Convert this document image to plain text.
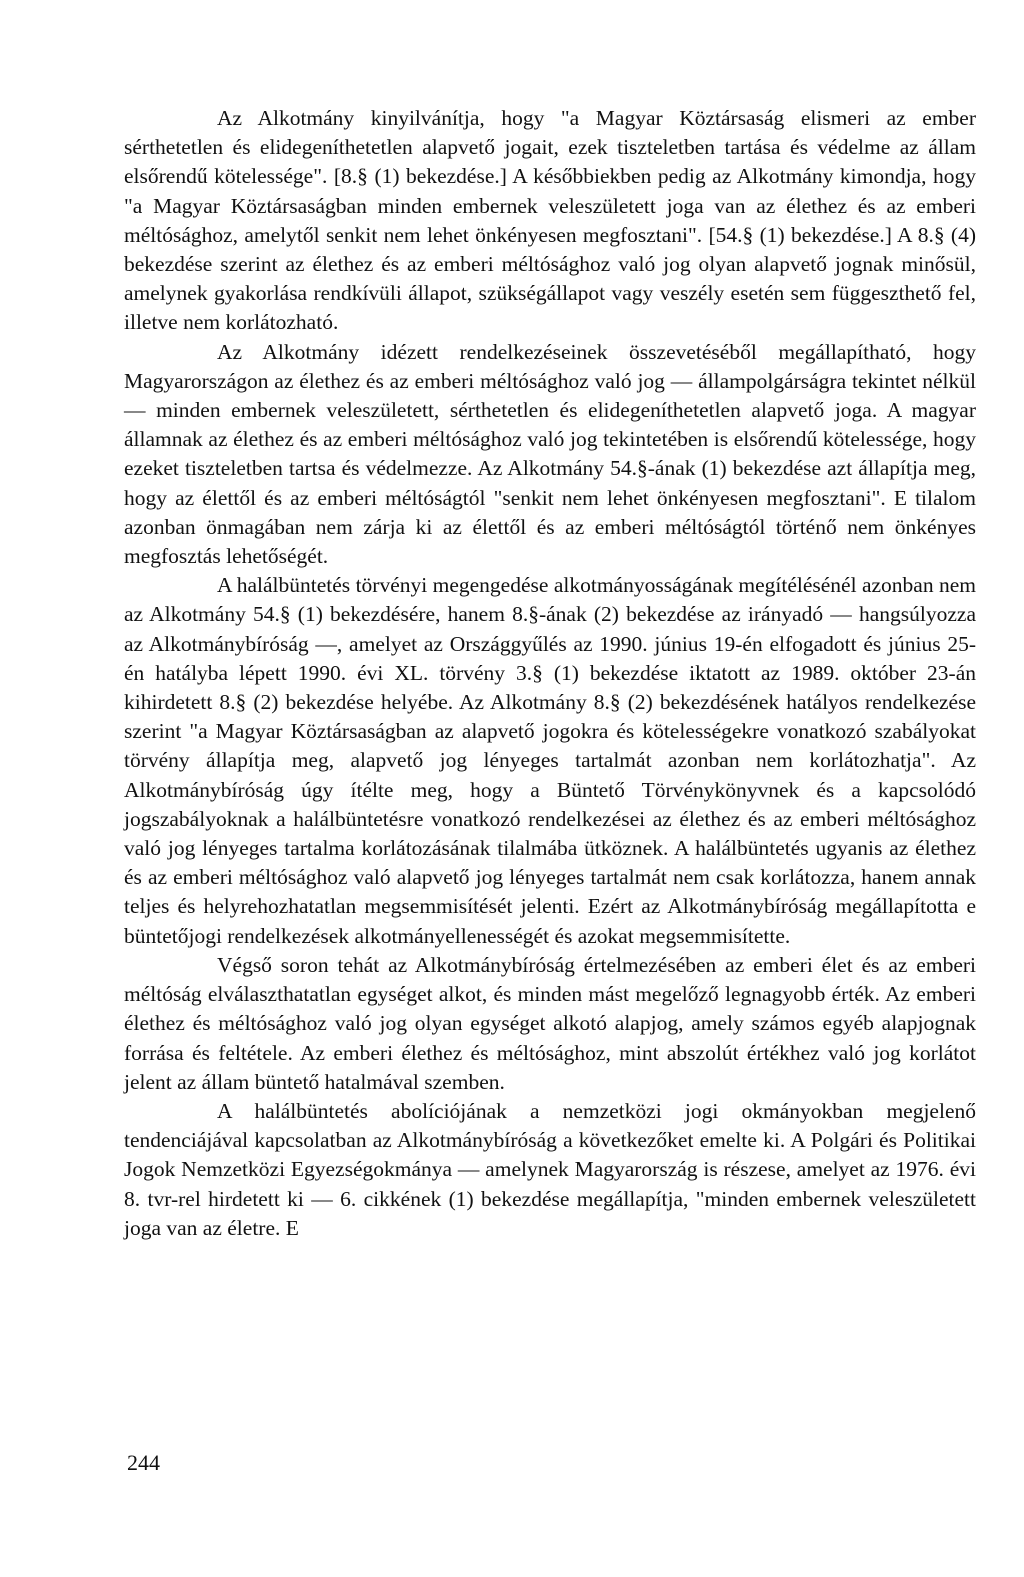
Az Alkotmány kinyilvánítja, hogy "a Magyar Köztársaság elismeri az ember sérthetetlen és elidegeníthetetlen alapvető jogait, ezek tiszteletben tartása és védelme az állam elsőrendű kötelessége". [8.§ (1) bekezdése.] A későbbiekben pedig az Alkotmány kimondja, hogy "a Magyar Köztársaságban minden embernek veleszületett joga van az élethez és az emberi méltósághoz, amelytől senkit nem lehet önkényesen megfosztani". [54.§ (1) bekezdése.] A 8.§ (4) bekezdése szerint az élethez és az emberi méltósághoz való jog olyan alapvető jognak minősül, amelynek gyakorlása rendkívüli állapot, szükségállapot vagy veszély esetén sem függeszthető fel, illetve nem korlátozható.

Az Alkotmány idézett rendelkezéseinek összevetéséből megállapítható, hogy Magyarországon az élethez és az emberi méltósághoz való jog — állampolgárságra tekintet nélkül — minden embernek veleszületett, sérthetetlen és elidegeníthetetlen alapvető joga. A magyar államnak az élethez és az emberi méltósághoz való jog tekintetében is elsőrendű kötelessége, hogy ezeket tiszteletben tartsa és védelmezze. Az Alkotmány 54.§-ának (1) bekezdése azt állapítja meg, hogy az élettől és az emberi méltóságtól "senkit nem lehet önkényesen megfosztani". E tilalom azonban önmagában nem zárja ki az élettől és az emberi méltóságtól történő nem önkényes megfosztás lehetőségét.

A halálbüntetés törvényi megengedése alkotmányosságának megítélésénél azonban nem az Alkotmány 54.§ (1) bekezdésére, hanem 8.§-ának (2) bekezdése az irányadó — hangsúlyozza az Alkotmánybíróság —, amelyet az Országgyűlés az 1990. június 19-én elfogadott és június 25-én hatályba lépett 1990. évi XL. törvény 3.§ (1) bekezdése iktatott az 1989. október 23-án kihirdetett 8.§ (2) bekezdése helyébe. Az Alkotmány 8.§ (2) bekezdésének hatályos rendelkezése szerint "a Magyar Köztársaságban az alapvető jogokra és kötelességekre vonatkozó szabályokat törvény állapítja meg, alapvető jog lényeges tartalmát azonban nem korlátozhatja". Az Alkotmánybíróság úgy ítélte meg, hogy a Büntető Törvénykönyvnek és a kapcsolódó jogszabályoknak a halálbüntetésre vonatkozó rendelkezései az élethez és az emberi méltósághoz való jog lényeges tartalma korlátozásának tilalmába ütköznek. A halálbüntetés ugyanis az élethez és az emberi méltósághoz való alapvető jog lényeges tartalmát nem csak korlátozza, hanem annak teljes és helyrehozhatatlan megsemmisítését jelenti. Ezért az Alkotmánybíróság megállapította e büntetőjogi rendelkezések alkotmányellenességét és azokat megsemmisítette.

Végső soron tehát az Alkotmánybíróság értelmezésében az emberi élet és az emberi méltóság elválaszthatatlan egységet alkot, és minden mást megelőző legnagyobb érték. Az emberi élethez és méltósághoz való jog olyan egységet alkotó alapjog, amely számos egyéb alapjognak forrása és feltétele. Az emberi élethez és méltósághoz, mint abszolút értékhez való jog korlátot jelent az állam büntető hatalmával szemben.

A halálbüntetés abolíciójának a nemzetközi jogi okmányokban megjelenő tendenciájával kapcsolatban az Alkotmánybíróság a következőket emelte ki. A Polgári és Politikai Jogok Nemzetközi Egyezségokmánya — amelynek Magyarország is részese, amelyet az 1976. évi 8. tvr-rel hirdetett ki — 6. cikkének (1) bekezdése megállapítja, "minden embernek veleszületett joga van az életre. E

244
